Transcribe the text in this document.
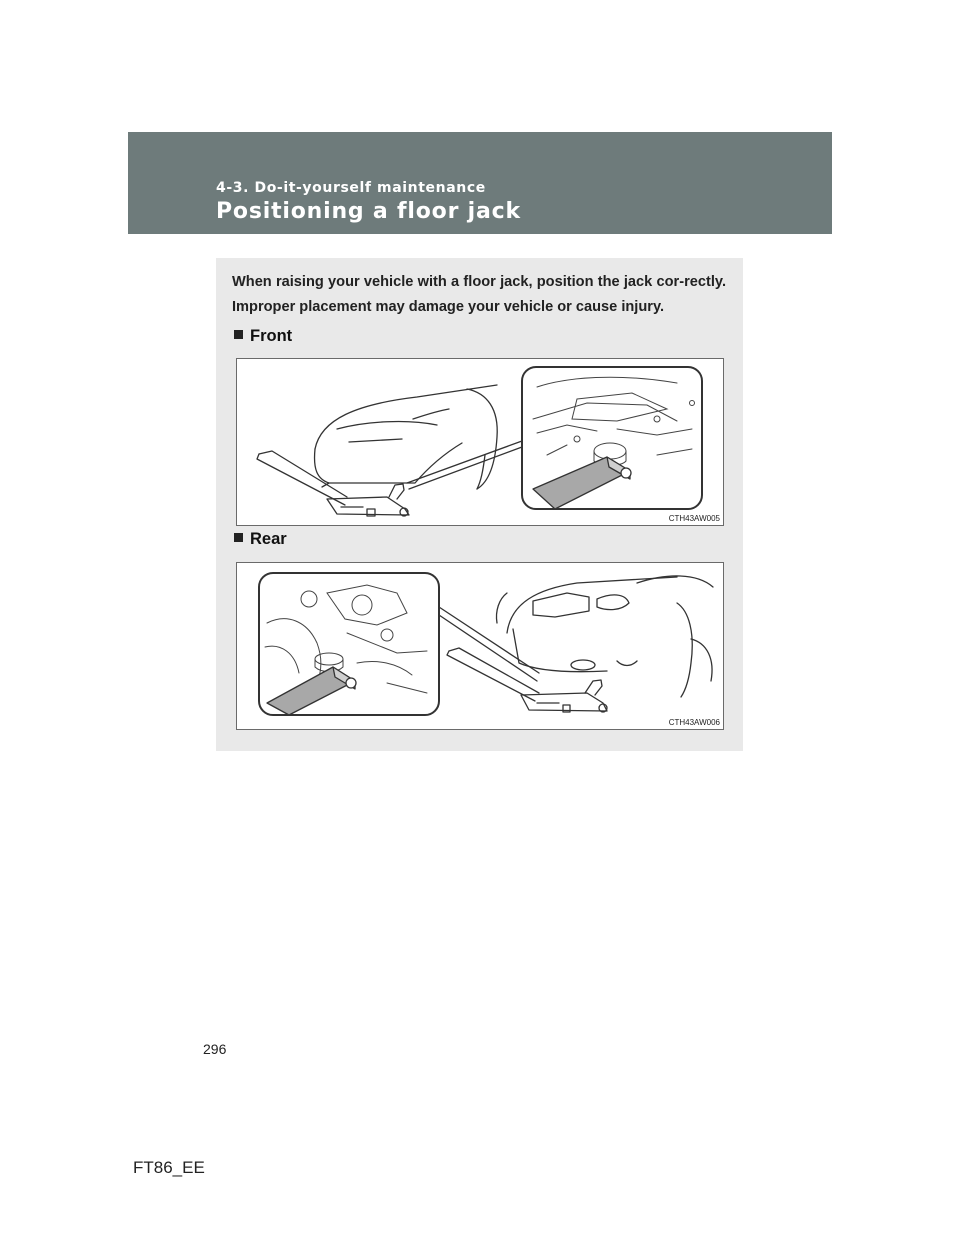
4-3. Do-it-yourself maintenance
Positioning a floor jack

When raising your vehicle with a floor jack, position the jack cor-rectly. Improper placement may damage your vehicle or cause injury.

Front
CTH43AW005
Rear
CTH43AW006
296
FT86_EE
